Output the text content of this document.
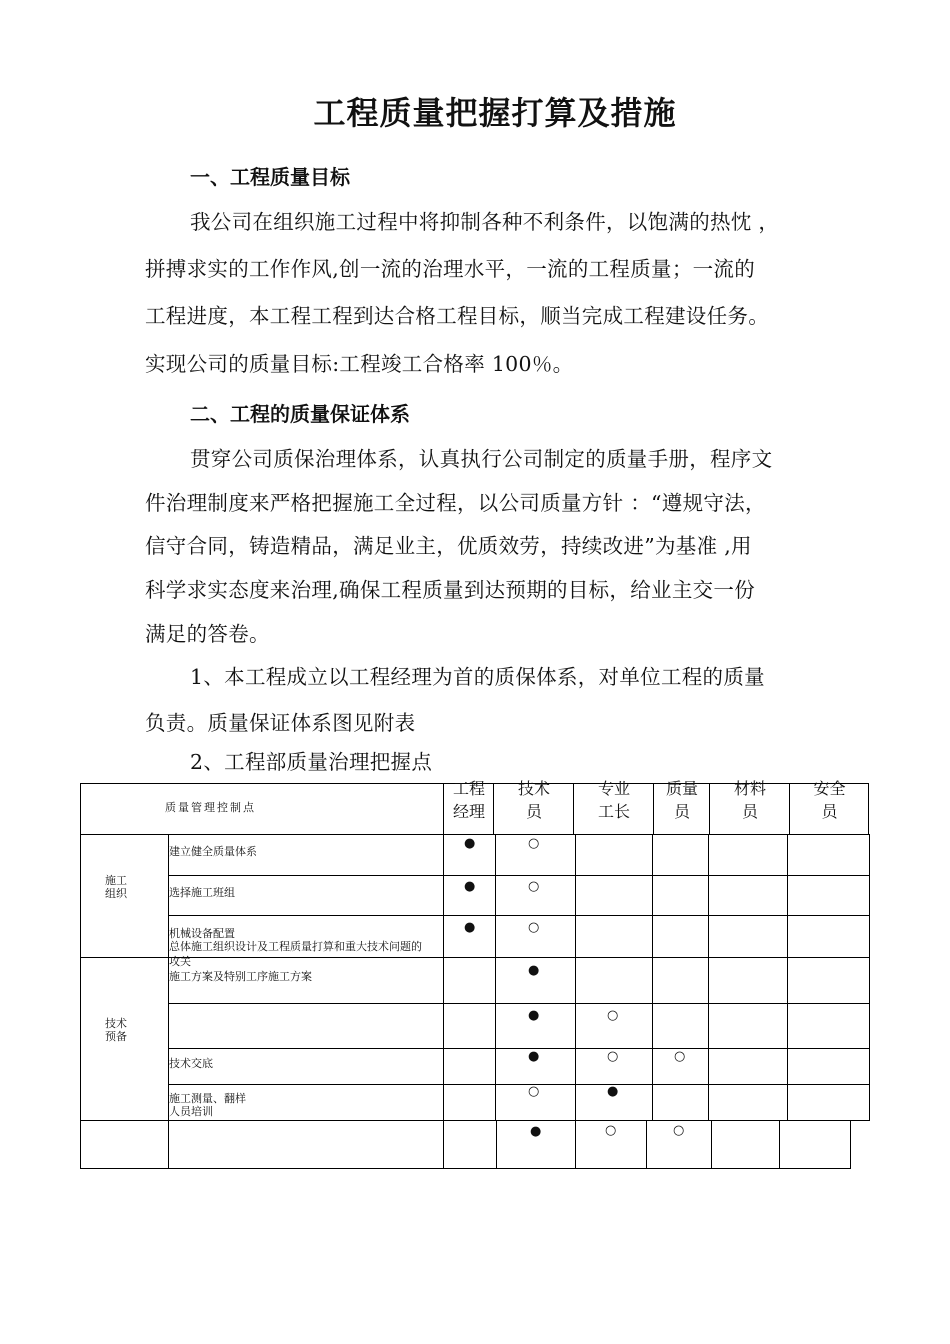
工程质量把握打算及措施
一、工程质量目标
我公司在组织施工过程中将抑制各种不利条件，以饱满的热忱 ，
拼搏求实的工作作风,创一流的治理水平，一流的工程质量；一流的
工程进度，本工程工程到达合格工程目标，顺当完成工程建设任务。
实现公司的质量目标:工程竣工合格率 100％。
二、工程的质量保证体系
贯穿公司质保治理体系，认真执行公司制定的质量手册，程序文
件治理制度来严格把握施工全过程，以公司质量方针 ：“遵规守法，
信守合同，铸造精品，满足业主，优质效劳，持续改进”为基准 ,用
科学求实态度来治理,确保工程质量到达预期的目标，给业主交一份
满足的答卷。
1、本工程成立以工程经理为首的质保体系，对单位工程的质量
负责。质量保证体系图见附表
2、工程部质量治理把握点
质量管理控制点
工程
经理
技术
员
专业
工长
质量
员
材料
员
安全
员
施工
组织
技术
预备
建立健全质量体系
选择施工班组
机械设备配置
总体施工组织设计及工程质量打算和重大技术问题的
攻关
施工方案及特别工序施工方案
技术交底
施工测量、翻样
人员培训
●
○
●
○
●
○
●
●
○
●
○
○
○
●
●
○
○
